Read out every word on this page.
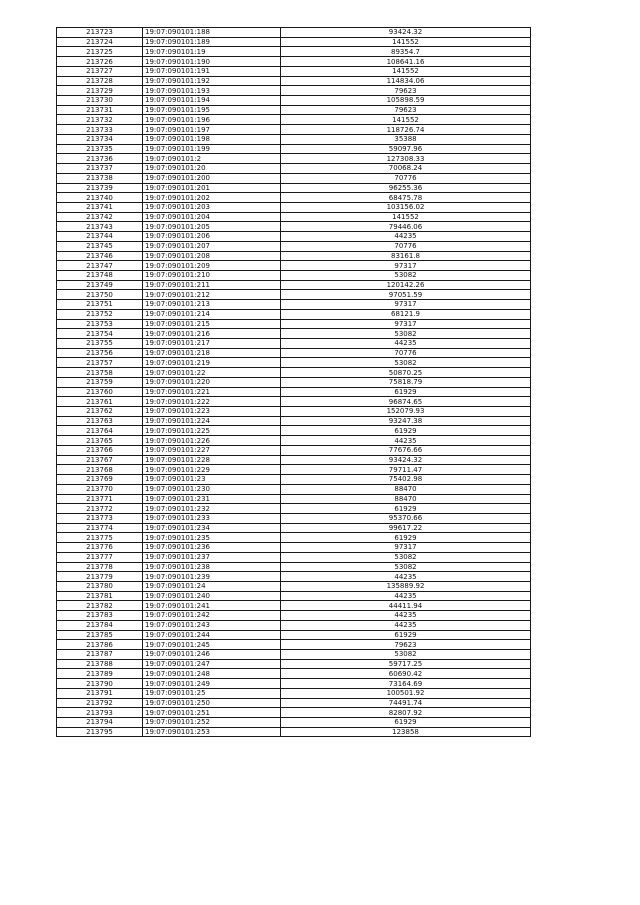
213723	19:07:090101:188	93424.32
213724	19:07:090101:189	141552
213725	19:07:090101:19	89354.7
213726	19:07:090101:190	108641.16
213727	19:07:090101:191	141552
213728	19:07:090101:192	114834.06
213729	19:07:090101:193	79623
213730	19:07:090101:194	105898.59
213731	19:07:090101:195	79623
213732	19:07:090101:196	141552
213733	19:07:090101:197	118726.74
213734	19:07:090101:198	35388
213735	19:07:090101:199	59097.96
213736	19:07:090101:2	127308.33
213737	19:07:090101:20	70068.24
213738	19:07:090101:200	70776
213739	19:07:090101:201	96255.36
213740	19:07:090101:202	68475.78
213741	19:07:090101:203	103156.02
213742	19:07:090101:204	141552
213743	19:07:090101:205	79446.06
213744	19:07:090101:206	44235
213745	19:07:090101:207	70776
213746	19:07:090101:208	83161.8
213747	19:07:090101:209	97317
213748	19:07:090101:210	53082
213749	19:07:090101:211	120142.26
213750	19:07:090101:212	97051.59
213751	19:07:090101:213	97317
213752	19:07:090101:214	68121.9
213753	19:07:090101:215	97317
213754	19:07:090101:216	53082
213755	19:07:090101:217	44235
213756	19:07:090101:218	70776
213757	19:07:090101:219	53082
213758	19:07:090101:22	50870.25
213759	19:07:090101:220	75818.79
213760	19:07:090101:221	61929
213761	19:07:090101:222	96874.65
213762	19:07:090101:223	152079.93
213763	19:07:090101:224	93247.38
213764	19:07:090101:225	61929
213765	19:07:090101:226	44235
213766	19:07:090101:227	77676.66
213767	19:07:090101:228	93424.32
213768	19:07:090101:229	79711.47
213769	19:07:090101:23	75402.98
213770	19:07:090101:230	88470
213771	19:07:090101:231	88470
213772	19:07:090101:232	61929
213773	19:07:090101:233	95370.66
213774	19:07:090101:234	99617.22
213775	19:07:090101:235	61929
213776	19:07:090101:236	97317
213777	19:07:090101:237	53082
213778	19:07:090101:238	53082
213779	19:07:090101:239	44235
213780	19:07:090101:24	135889.92
213781	19:07:090101:240	44235
213782	19:07:090101:241	44411.94
213783	19:07:090101:242	44235
213784	19:07:090101:243	44235
213785	19:07:090101:244	61929
213786	19:07:090101:245	79623
213787	19:07:090101:246	53082
213788	19:07:090101:247	59717.25
213789	19:07:090101:248	60690.42
213790	19:07:090101:249	73164.69
213791	19:07:090101:25	100501.92
213792	19:07:090101:250	74491.74
213793	19:07:090101:251	82807.92
213794	19:07:090101:252	61929
213795	19:07:090101:253	123858
